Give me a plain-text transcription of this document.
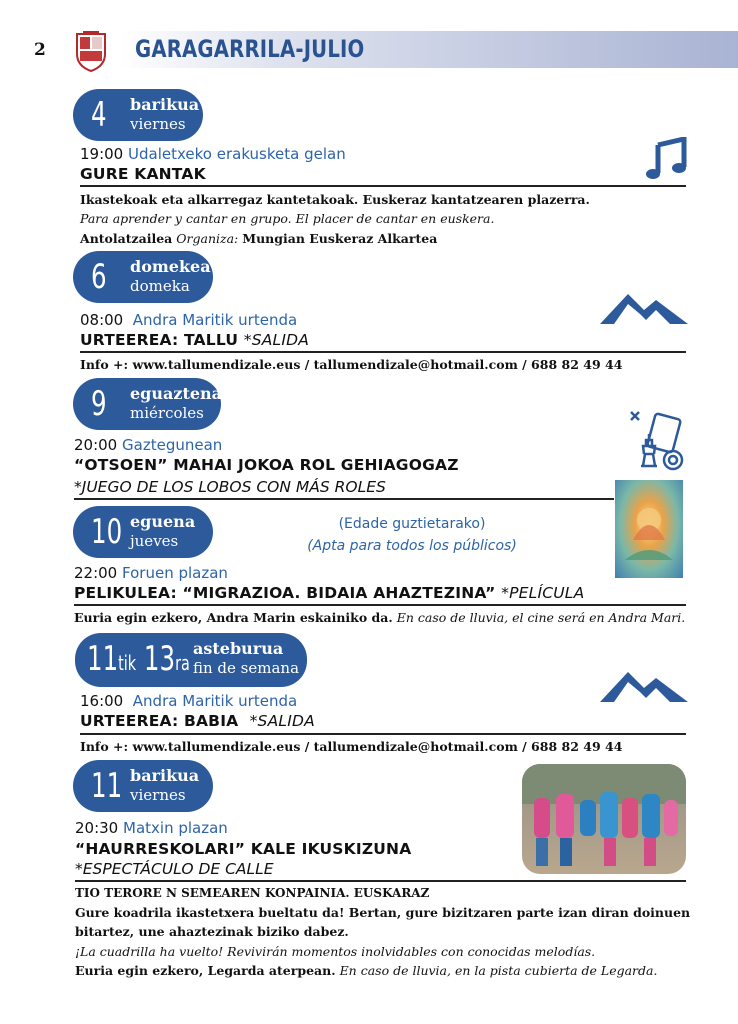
2	GARAGARRILA-JULIO
4 barikua
viernes
19:00 Udaletxeko erakusketa gelan
GURE KANTAK
Ikastekoak eta alkarregaz kantetakoak. Euskeraz kantatzearen plazerra.
Para aprender y cantar en grupo. El placer de cantar en euskera.
Antolatzailea Organiza: Mungian Euskeraz Alkartea
6 domekea
domeka
08:00 Andra Maritik urtenda
URTEEREA: TALLU *SALIDA
Info +: www.tallumendizale.eus / tallumendizale@hotmail.com / 688 82 49 44
9 eguaztena
miércoles
20:00 Gaztegunean
“OTSOEN” MAHAI JOKOA ROL GEHIAGOGAZ
*JUEGO DE LOS LOBOS CON MÁS ROLES
10 eguena
jueves
(Edade guztietarako)
(Apta para todos los públicos)
22:00 Foruen plazan
PELIKULEA: “MIGRAZIOA. BIDAIA AHAZTEZINA” *PELÍCULA
Euria egin ezkero, Andra Marin eskainiko da. En caso de lluvia, el cine será en Andra Mari.
11tik 13ra
asteburua
fin de semana
16:00 Andra Maritik urtenda
URTEEREA: BABIA *SALIDA
Info +: www.tallumendizale.eus / tallumendizale@hotmail.com / 688 82 49 44
11 barikua
viernes
20:30 Matxin plazan
“HAURRESKOLARI” KALE IKUSKIZUNA
*ESPECTÁCULO DE CALLE
TIO TERORE N SEMEAREN KONPAINIA. EUSKARAZ
Gure koadrila ikastetxera bueltatu da! Bertan, gure bizitzaren parte izan diran doinuen
bitartez, une ahaztezinak biziko dabez.
¡La cuadrilla ha vuelto! Revivirán momentos inolvidables con conocidas melodías.
Euria egin ezkero, Legarda aterpean. En caso de lluvia, en la pista cubierta de Legarda.
